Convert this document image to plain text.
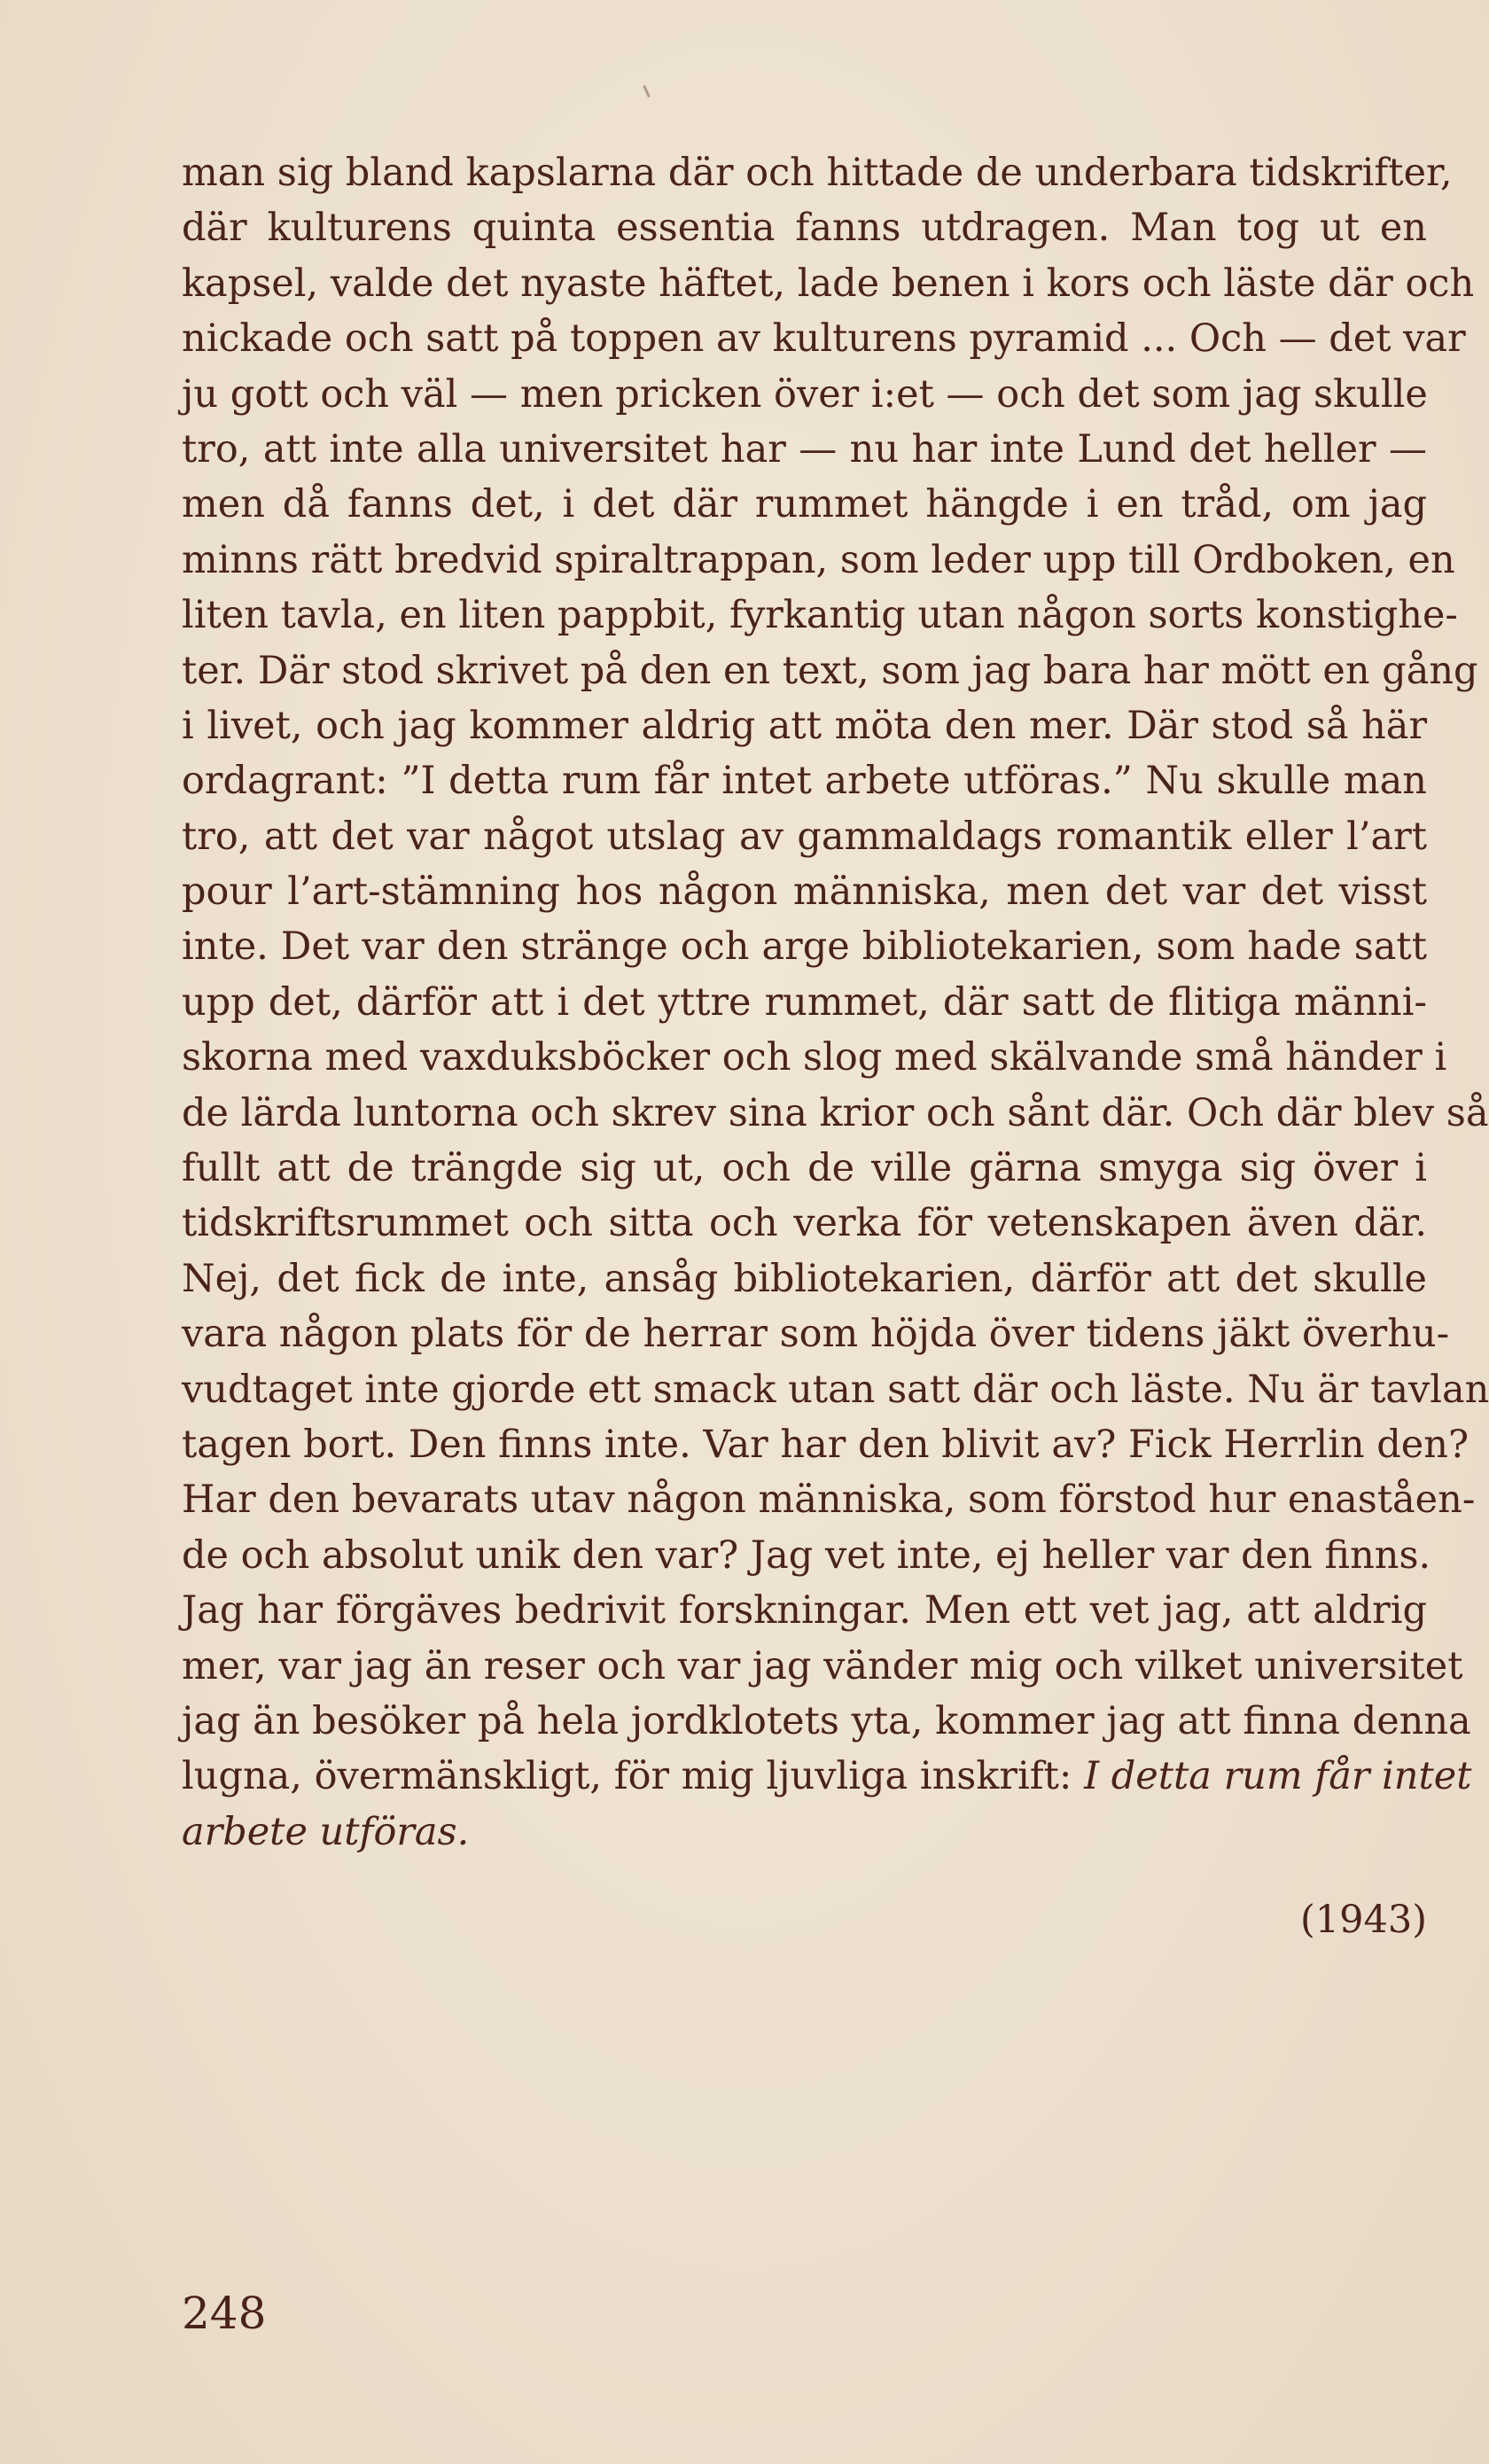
man sig bland kapslarna där och hittade de underbara tidskrifter,
där kulturens quinta essentia fanns utdragen. Man tog ut en
kapsel, valde det nyaste häftet, lade benen i kors och läste där och
nickade och satt på toppen av kulturens pyramid ... Och — det var
ju gott och väl — men pricken över i:et — och det som jag skulle
tro, att inte alla universitet har — nu har inte Lund det heller —
men då fanns det, i det där rummet hängde i en tråd, om jag
minns rätt bredvid spiraltrappan, som leder upp till Ordboken, en
liten tavla, en liten pappbit, fyrkantig utan någon sorts konstighe-
ter. Där stod skrivet på den en text, som jag bara har mött en gång
i livet, och jag kommer aldrig att möta den mer. Där stod så här
ordagrant: ”I detta rum får intet arbete utföras.” Nu skulle man
tro, att det var något utslag av gammaldags romantik eller l’art
pour l’art-stämning hos någon människa, men det var det visst
inte. Det var den stränge och arge bibliotekarien, som hade satt
upp det, därför att i det yttre rummet, där satt de flitiga männi-
skorna med vaxduksböcker och slog med skälvande små händer i
de lärda luntorna och skrev sina krior och sånt där. Och där blev så
fullt att de trängde sig ut, och de ville gärna smyga sig över i
tidskriftsrummet och sitta och verka för vetenskapen även där.
Nej, det fick de inte, ansåg bibliotekarien, därför att det skulle
vara någon plats för de herrar som höjda över tidens jäkt överhu-
vudtaget inte gjorde ett smack utan satt där och läste. Nu är tavlan
tagen bort. Den finns inte. Var har den blivit av? Fick Herrlin den?
Har den bevarats utav någon människa, som förstod hur enaståen-
de och absolut unik den var? Jag vet inte, ej heller var den finns.
Jag har förgäves bedrivit forskningar. Men ett vet jag, att aldrig
mer, var jag än reser och var jag vänder mig och vilket universitet
jag än besöker på hela jordklotets yta, kommer jag att finna denna
lugna, övermänskligt, för mig ljuvliga inskrift: I detta rum får intet
arbete utföras.
(1943)
248
